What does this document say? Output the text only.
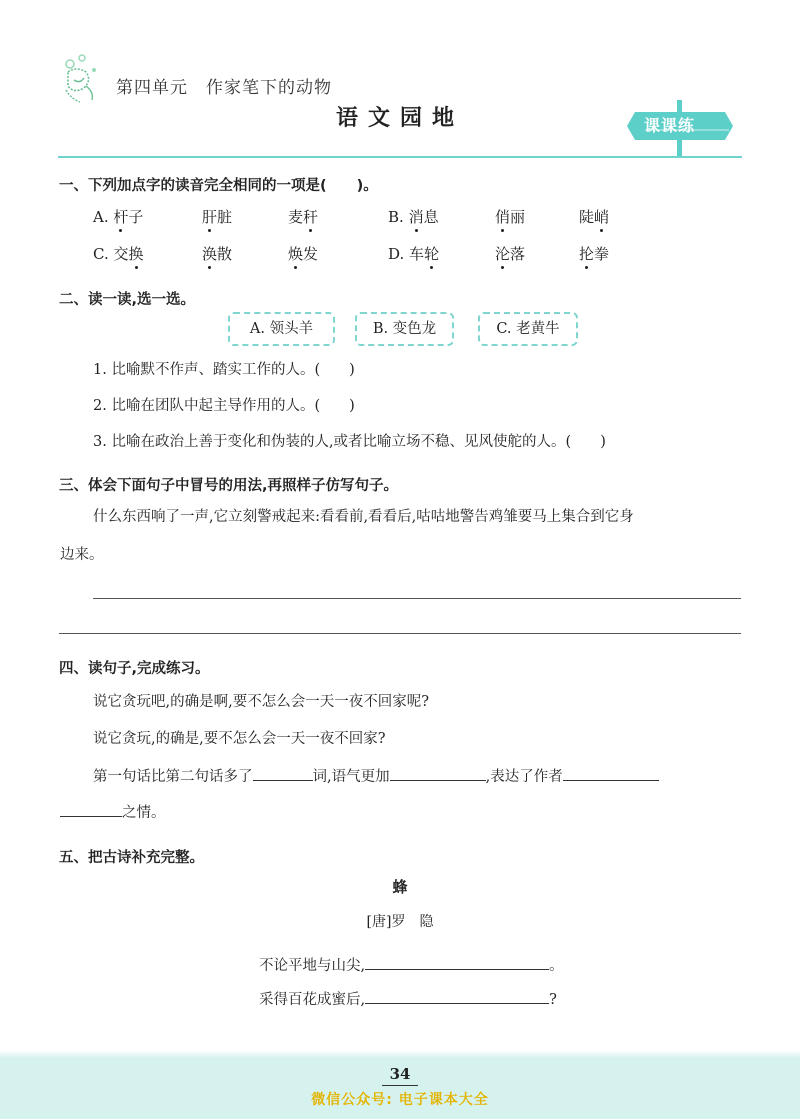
第四单元 作家笔下的动物
语文园地	课课练
一、下列加点字的读音完全相同的一项是( )。
A. 杆子	肝脏	麦秆	B. 消息	俏丽	陡峭
C. 交换	涣散	焕发	D. 车轮	沦落	抡拳
二、读一读,选一选。
A. 领头羊	B. 变色龙	C. 老黄牛
1. 比喻默不作声、踏实工作的人。(　　)
2. 比喻在团队中起主导作用的人。(　　)
3. 比喻在政治上善于变化和伪装的人,或者比喻立场不稳、见风使舵的人。(　　)
三、体会下面句子中冒号的用法,再照样子仿写句子。
什么东西响了一声,它立刻警戒起来:看看前,看看后,咕咕地警告鸡雏要马上集合到它身
边来。
四、读句子,完成练习。
说它贪玩吧,的确是啊,要不怎么会一天一夜不回家呢?
说它贪玩,的确是,要不怎么会一天一夜不回家?
第一句话比第二句话多了	词,语气更加	,表达了作者
之情。
五、把古诗补充完整。
蜂
[唐]罗　隐
不论平地与山尖,	。
采得百花成蜜后,	?
34
微信公众号: 电子课本大全
